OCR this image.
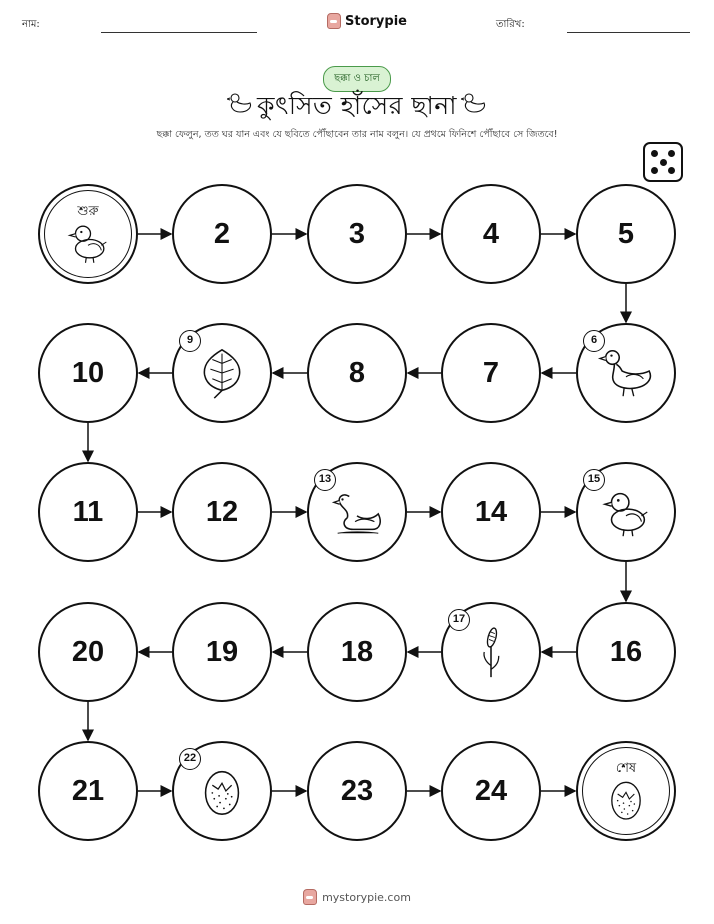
নাম:	Storypie	তারিখ:
ছক্কা ও চাল
কুৎসিত হাঁসের ছানা
ছক্কা ফেলুন, তত ঘর যান এবং যে ছবিতে পৌঁছাবেন তার নাম বলুন। যে প্রথমে ফিনিশে পৌঁছাবে সে জিতবে!
শুরু
2	3	4	5
6
7
8
9
10
11	12
13
14
15
16
17
18
19
20
21
22
23	24
শেষ
mystorypie.com
